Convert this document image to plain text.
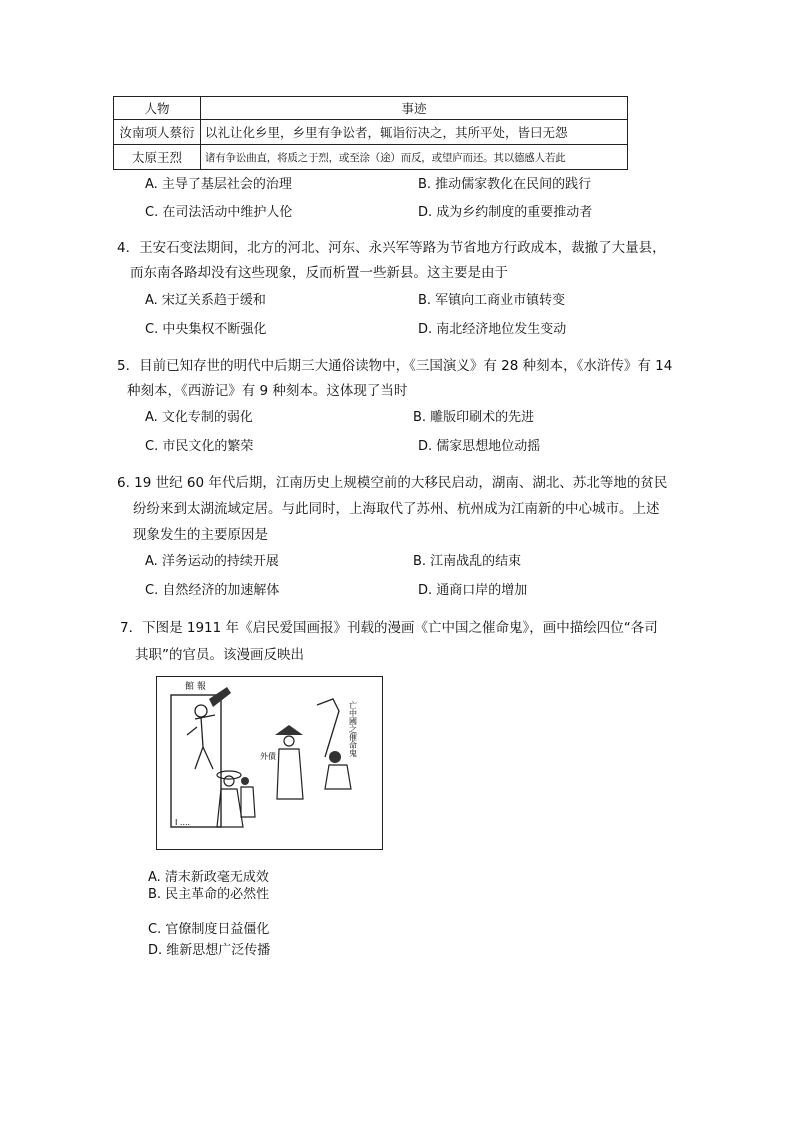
人物	事迹
汝南项人蔡衍	以礼让化乡里，乡里有争讼者，辄诣衍决之，其所平处，皆曰无怨
太原王烈	诸有争讼曲直，将质之于烈，或至涂（途）而反，或望庐而还。其以德感人若此
A. 主导了基层社会的治理	B. 推动儒家教化在民间的践行
C. 在司法活动中维护人伦	D. 成为乡约制度的重要推动者
4．王安石变法期间，北方的河北、河东、永兴军等路为节省地方行政成本，裁撤了大量县，
而东南各路却没有这些现象，反而析置一些新县。这主要是由于
A. 宋辽关系趋于缓和	B. 军镇向工商业市镇转变
C. 中央集权不断强化	D. 南北经济地位发生变动
5．目前已知存世的明代中后期三大通俗读物中，《三国演义》有 28 种刻本，《水浒传》有 14
种刻本，《西游记》有 9 种刻本。这体现了当时
A. 文化专制的弱化	B. 雕版印刷术的先进
C. 市民文化的繁荣	D. 儒家思想地位动摇
6. 19 世纪 60 年代后期，江南历史上规模空前的大移民启动，湖南、湖北、苏北等地的贫民
纷纷来到太湖流域定居。与此同时，上海取代了苏州、杭州成为江南新的中心城市。上述
现象发生的主要原因是
A. 洋务运动的持续开展	B. 江南战乱的结束
C. 自然经济的加速解体	D. 通商口岸的增加
7．下图是 1911 年《启民爱国画报》刊载的漫画《亡中国之催命鬼》，画中描绘四位“各司
其职”的官员。该漫画反映出
館 報
外債	亡中國之催命鬼
I ....
A. 清末新政毫无成效
B. 民主革命的必然性
C. 官僚制度日益僵化
D. 维新思想广泛传播
